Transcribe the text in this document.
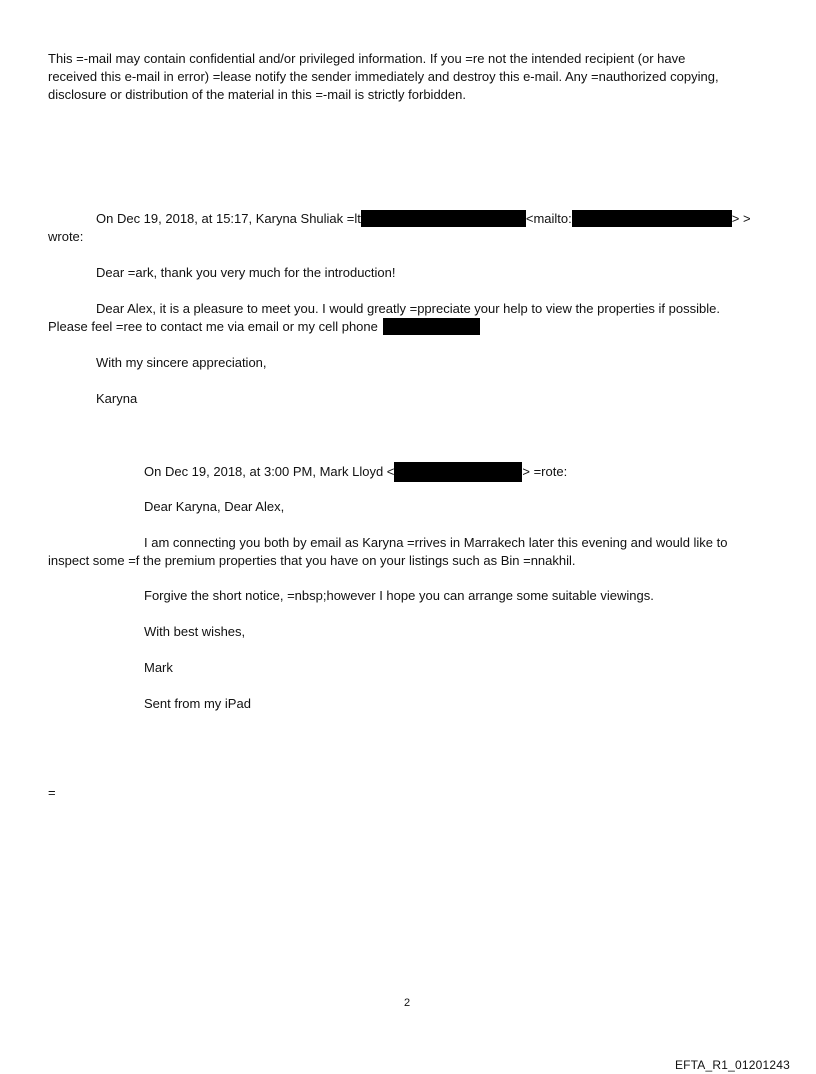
This =-mail may contain confidential and/or privileged information. If you =re not the intended recipient (or have
received this e-mail in error) =lease notify the sender immediately and destroy this e-mail. Any =nauthorized copying,
disclosure or distribution of the material in this =-mail is strictly forbidden.
On Dec 19, 2018, at 15:17, Karyna Shuliak =lt	<mailto:	> >
wrote:
Dear =ark, thank you very much for the introduction!
Dear Alex, it is a pleasure to meet you. I would greatly =ppreciate your help to view the properties if possible.
Please feel =ree to contact me via email or my cell phone
With my sincere appreciation,
Karyna
On Dec 19, 2018, at 3:00 PM, Mark Lloyd <	> =rote:
Dear Karyna, Dear Alex,
I am connecting you both by email as Karyna =rrives in Marrakech later this evening and would like to
inspect some =f the premium properties that you have on your listings such as Bin =nnakhil.
Forgive the short notice, =nbsp;however I hope you can arrange some suitable viewings.
With best wishes,
Mark
Sent from my iPad
=
2
EFTA_R1_01201243
